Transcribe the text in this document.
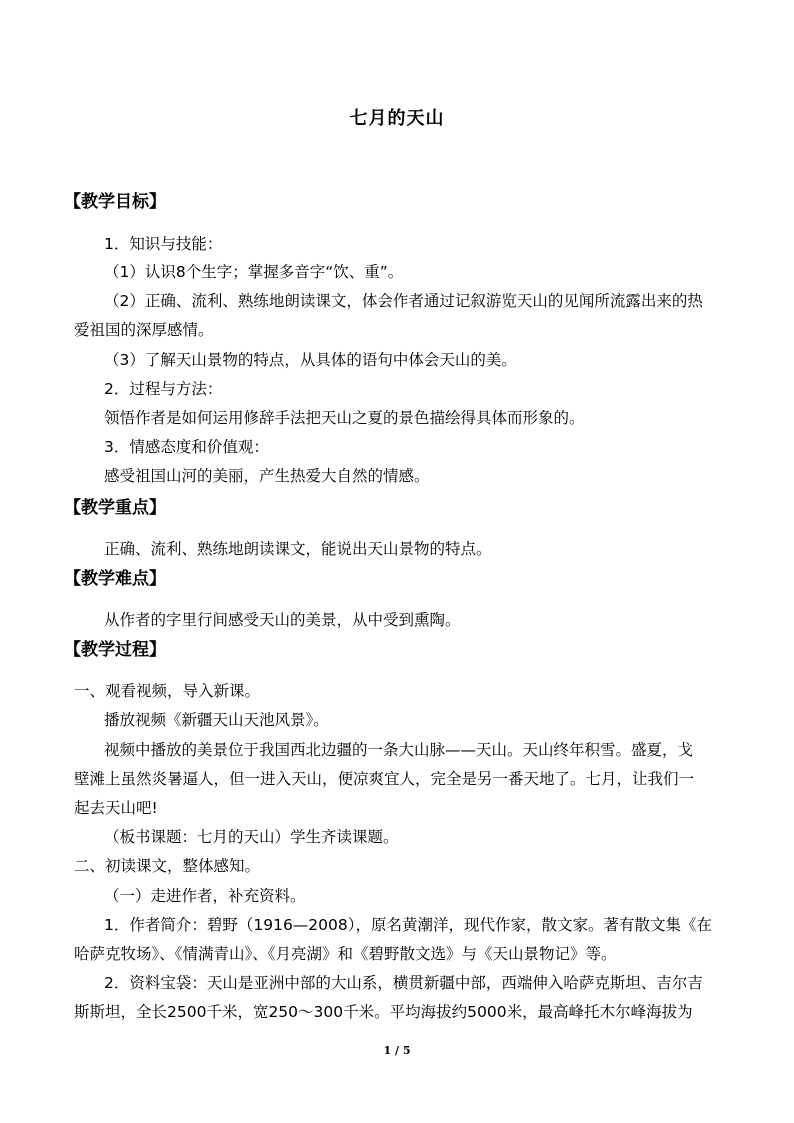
七月的天山
【教学目标】
1．知识与技能：
（1）认识8个生字；掌握多音字“饮、重”。
（2）正确、流利、熟练地朗读课文，体会作者通过记叙游览天山的见闻所流露出来的热
爱祖国的深厚感情。
（3）了解天山景物的特点，从具体的语句中体会天山的美。
2．过程与方法：
领悟作者是如何运用修辞手法把天山之夏的景色描绘得具体而形象的。
3．情感态度和价值观：
感受祖国山河的美丽，产生热爱大自然的情感。
【教学重点】
正确、流利、熟练地朗读课文，能说出天山景物的特点。
【教学难点】
从作者的字里行间感受天山的美景，从中受到熏陶。
【教学过程】
一、观看视频，导入新课。
播放视频《新疆天山天池风景》。
视频中播放的美景位于我国西北边疆的一条大山脉——天山。天山终年积雪。盛夏，戈
壁滩上虽然炎暑逼人，但一进入天山，便凉爽宜人，完全是另一番天地了。七月，让我们一
起去天山吧!
（板书课题：七月的天山）学生齐读课题。
二、初读课文，整体感知。
（一）走进作者，补充资料。
1．作者简介：碧野（1916—2008），原名黄潮洋，现代作家，散文家。著有散文集《在
哈萨克牧场》、《情满青山》、《月亮湖》和《碧野散文选》与《天山景物记》等。
2．资料宝袋：天山是亚洲中部的大山系，横贯新疆中部，西端伸入哈萨克斯坦、吉尔吉
斯斯坦，全长2500千米，宽250～300千米。平均海拔约5000米，最高峰托木尔峰海拔为
1 / 5
